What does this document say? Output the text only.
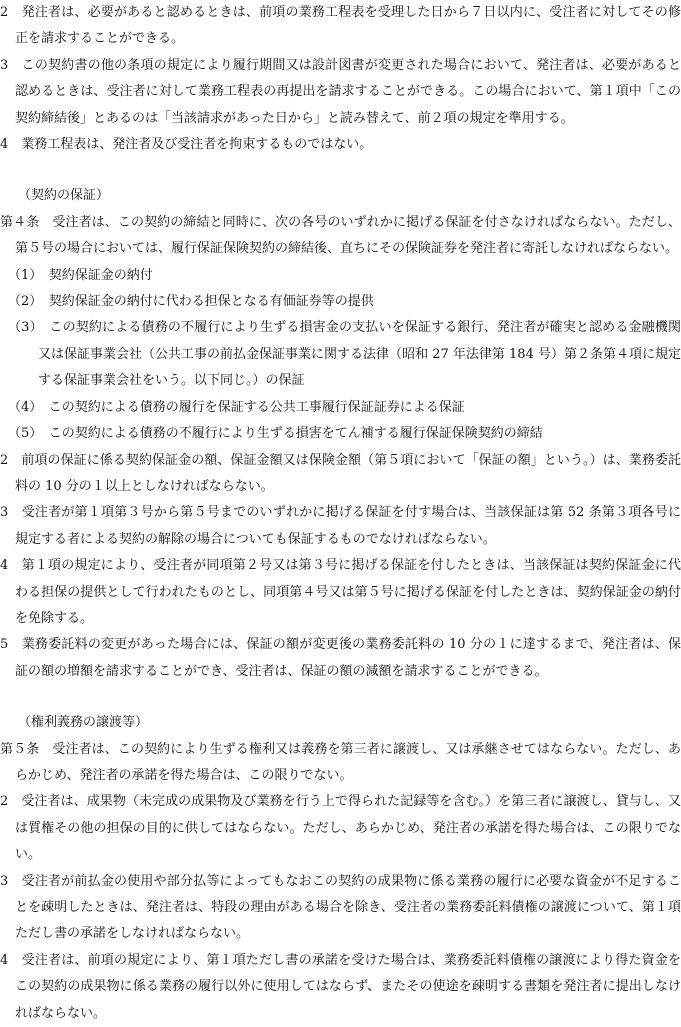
2　発注者は、必要があると認めるときは、前項の業務工程表を受理した日から７日以内に、受注者に対してその修正を請求することができる。
3　この契約書の他の条項の規定により履行期間又は設計図書が変更された場合において、発注者は、必要があると認めるときは、受注者に対して業務工程表の再提出を請求することができる。この場合において、第１項中「この契約締結後」とあるのは「当該請求があった日から」と読み替えて、前２項の規定を準用する。
4　業務工程表は、発注者及び受注者を拘束するものではない。
（契約の保証）
第４条　受注者は、この契約の締結と同時に、次の各号のいずれかに掲げる保証を付さなければならない。ただし、第５号の場合においては、履行保証保険契約の締結後、直ちにその保険証券を発注者に寄託しなければならない。
（1）　契約保証金の納付
（2）　契約保証金の納付に代わる担保となる有価証券等の提供
（3）　この契約による債務の不履行により生ずる損害金の支払いを保証する銀行、発注者が確実と認める金融機関又は保証事業会社（公共工事の前払金保証事業に関する法律（昭和 27 年法律第 184 号）第２条第４項に規定する保証事業会社をいう。以下同じ。）の保証
（4）　この契約による債務の履行を保証する公共工事履行保証証券による保証
（5）　この契約による債務の不履行により生ずる損害をてん補する履行保証保険契約の締結
2　前項の保証に係る契約保証金の額、保証金額又は保険金額（第５項において「保証の額」という。）は、業務委託料の 10 分の１以上としなければならない。
3　受注者が第１項第３号から第５号までのいずれかに掲げる保証を付す場合は、当該保証は第 52 条第３項各号に規定する者による契約の解除の場合についても保証するものでなければならない。
4　第１項の規定により、受注者が同項第２号又は第３号に掲げる保証を付したときは、当該保証は契約保証金に代わる担保の提供として行われたものとし、同項第４号又は第５号に掲げる保証を付したときは、契約保証金の納付を免除する。
5　業務委託料の変更があった場合には、保証の額が変更後の業務委託料の 10 分の１に達するまで、発注者は、保証の額の増額を請求することができ、受注者は、保証の額の減額を請求することができる。
（権利義務の譲渡等）
第５条　受注者は、この契約により生ずる権利又は義務を第三者に譲渡し、又は承継させてはならない。ただし、あらかじめ、発注者の承諾を得た場合は、この限りでない。
2　受注者は、成果物（未完成の成果物及び業務を行う上で得られた記録等を含む。）を第三者に譲渡し、貸与し、又は質権その他の担保の目的に供してはならない。ただし、あらかじめ、発注者の承諾を得た場合は、この限りでない。
3　受注者が前払金の使用や部分払等によってもなおこの契約の成果物に係る業務の履行に必要な資金が不足することを疎明したときは、発注者は、特段の理由がある場合を除き、受注者の業務委託料債権の譲渡について、第１項ただし書の承諾をしなければならない。
4　受注者は、前項の規定により、第１項ただし書の承諾を受けた場合は、業務委託料債権の譲渡により得た資金をこの契約の成果物に係る業務の履行以外に使用してはならず、またその使途を疎明する書類を発注者に提出しなければならない。
